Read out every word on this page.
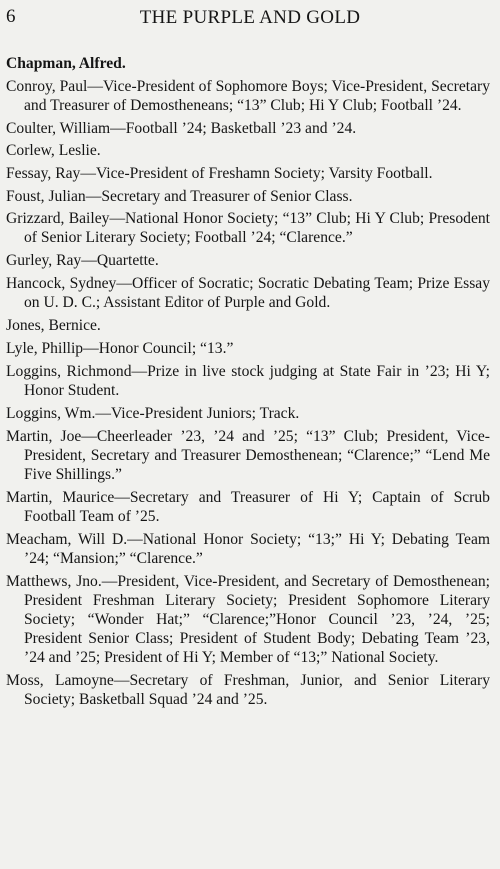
6	THE PURPLE AND GOLD

Chapman, Alfred.

Conroy, Paul—Vice-President of Sophomore Boys; Vice-President, Secretary and Treasurer of Demostheneans; “13” Club; Hi Y Club; Football ’24.

Coulter, William—Football ’24; Basketball ’23 and ’24.

Corlew, Leslie.

Fessay, Ray—Vice-President of Freshamn Society; Varsity Football.

Foust, Julian—Secretary and Treasurer of Senior Class.

Grizzard, Bailey—National Honor Society; “13” Club; Hi Y Club; Presodent of Senior Literary Society; Football ’24; “Clarence.”

Gurley, Ray—Quartette.

Hancock, Sydney—Officer of Socratic; Socratic Debating Team; Prize Essay on U. D. C.; Assistant Editor of Purple and Gold.

Jones, Bernice.

Lyle, Phillip—Honor Council; “13.”

Loggins, Richmond—Prize in live stock judging at State Fair in ’23; Hi Y; Honor Student.

Loggins, Wm.—Vice-President Juniors; Track.

Martin, Joe—Cheerleader ’23, ’24 and ’25; “13” Club; President, Vice-President, Secretary and Treasurer Demosthenean; “Clarence;” “Lend Me Five Shillings.”

Martin, Maurice—Secretary and Treasurer of Hi Y; Captain of Scrub Football Team of ’25.

Meacham, Will D.—National Honor Society; “13;” Hi Y; Debating Team ’24; “Mansion;” “Clarence.”

Matthews, Jno.—President, Vice-President, and Secretary of Demosthenean; President Freshman Literary Society; President Sophomore Literary Society; “Wonder Hat;” “Clarence;”Honor Council ’23, ’24, ’25; President Senior Class; President of Student Body; Debating Team ’23, ’24 and ’25; President of Hi Y; Member of “13;” National Society.

Moss, Lamoyne—Secretary of Freshman, Junior, and Senior Literary Society; Basketball Squad ’24 and ’25.
